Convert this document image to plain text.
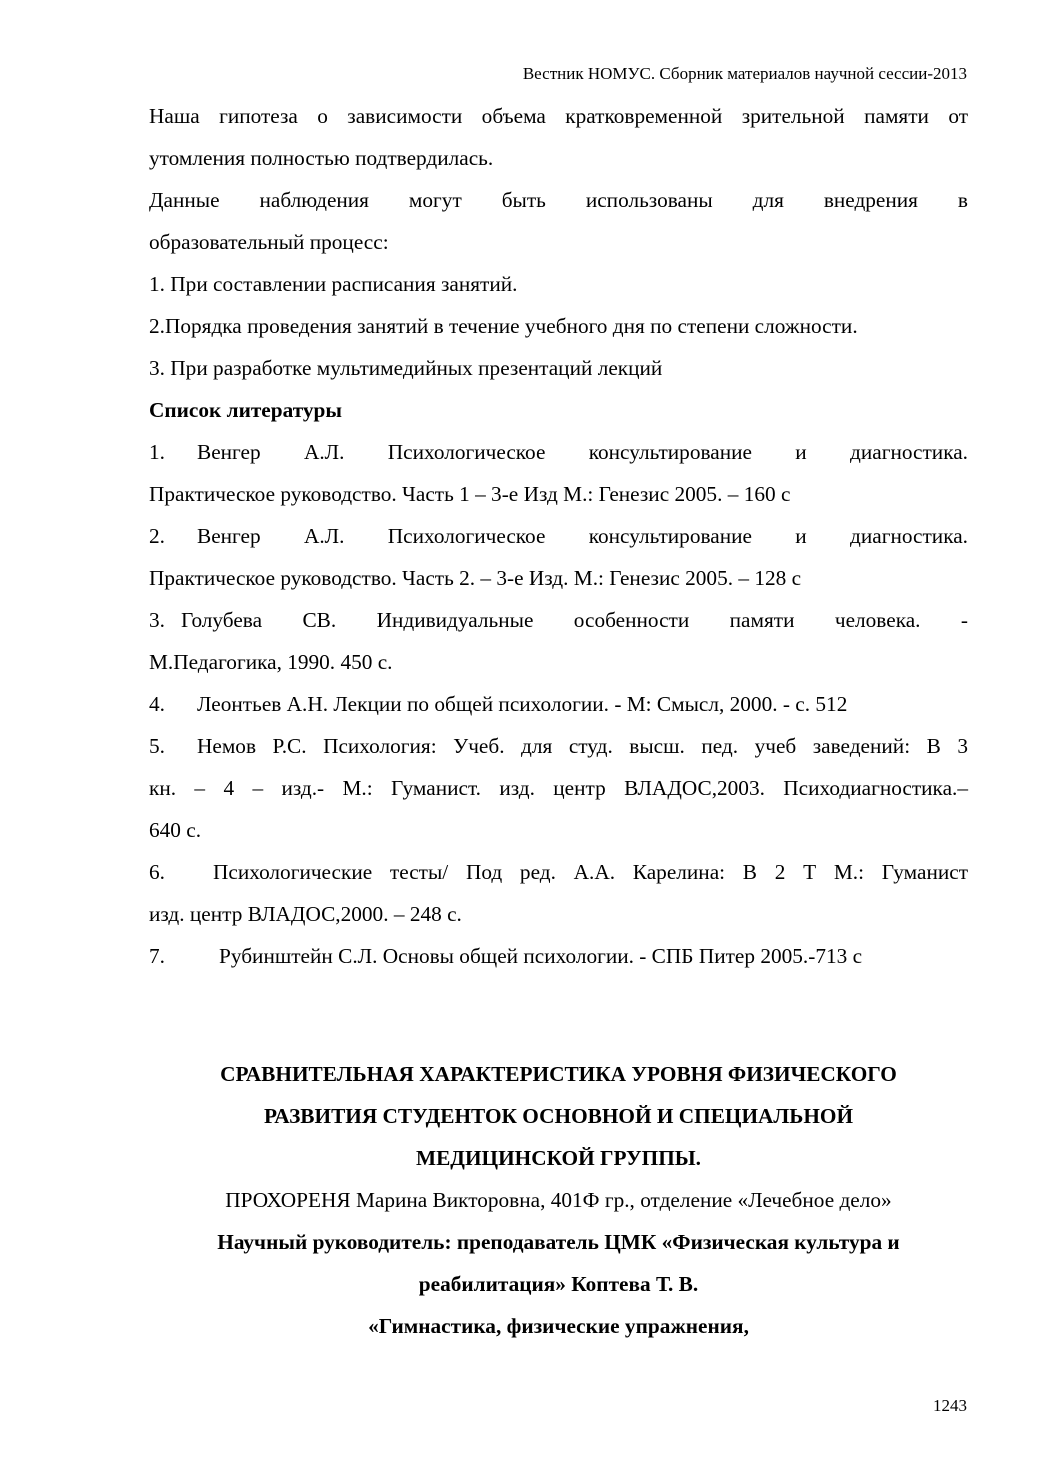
Вестник НОМУС. Сборник материалов научной сессии-2013

Наша гипотеза о зависимости объема кратковременной зрительной памяти от

утомления полностью подтвердилась.

Данные наблюдения могут быть использованы для внедрения в

образовательный процесс:

1. При составлении расписания занятий.

2.Порядка проведения занятий в течение учебного дня по степени сложности.

3. При разработке мультимедийных презентаций лекций

Список литературы

1.	Венгер А.Л. Психологическое консультирование и диагностика.

Практическое руководство. Часть 1 – 3-е Изд М.: Генезис 2005. – 160 с

2.	Венгер А.Л. Психологическое консультирование и диагностика.

Практическое руководство. Часть 2. – 3-е Изд. М.: Генезис 2005. – 128 с

3. Голубева СВ. Индивидуальные особенности памяти человека. -

М.Педагогика, 1990. 450 с.

4.	Леонтьев А.Н. Лекции по общей психологии. - М: Смысл, 2000. - с. 512
5.	Немов Р.С. Психология: Учеб. для студ. высш. пед. учеб заведений: В 3

кн. – 4 – изд.- М.: Гуманист. изд. центр ВЛАДОС,2003. Психодиагностика.–

640 с.

6.	Психологические тесты/ Под ред. А.А. Карелина: В 2 Т М.: Гуманист

изд. центр ВЛАДОС,2000. – 248 с.

7.	Рубинштейн С.Л. Основы общей психологии. - СПБ Питер 2005.-713 с

СРАВНИТЕЛЬНАЯ ХАРАКТЕРИСТИКА УРОВНЯ ФИЗИЧЕСКОГО

РАЗВИТИЯ СТУДЕНТОК ОСНОВНОЙ И СПЕЦИАЛЬНОЙ

МЕДИЦИНСКОЙ ГРУППЫ.

ПРОХОРЕНЯ Марина Викторовна, 401Ф гр., отделение «Лечебное дело»

Научный руководитель: преподаватель ЦМК «Физическая культура и

реабилитация» Коптева Т. В.

«Гимнастика, физические упражнения,

1243
